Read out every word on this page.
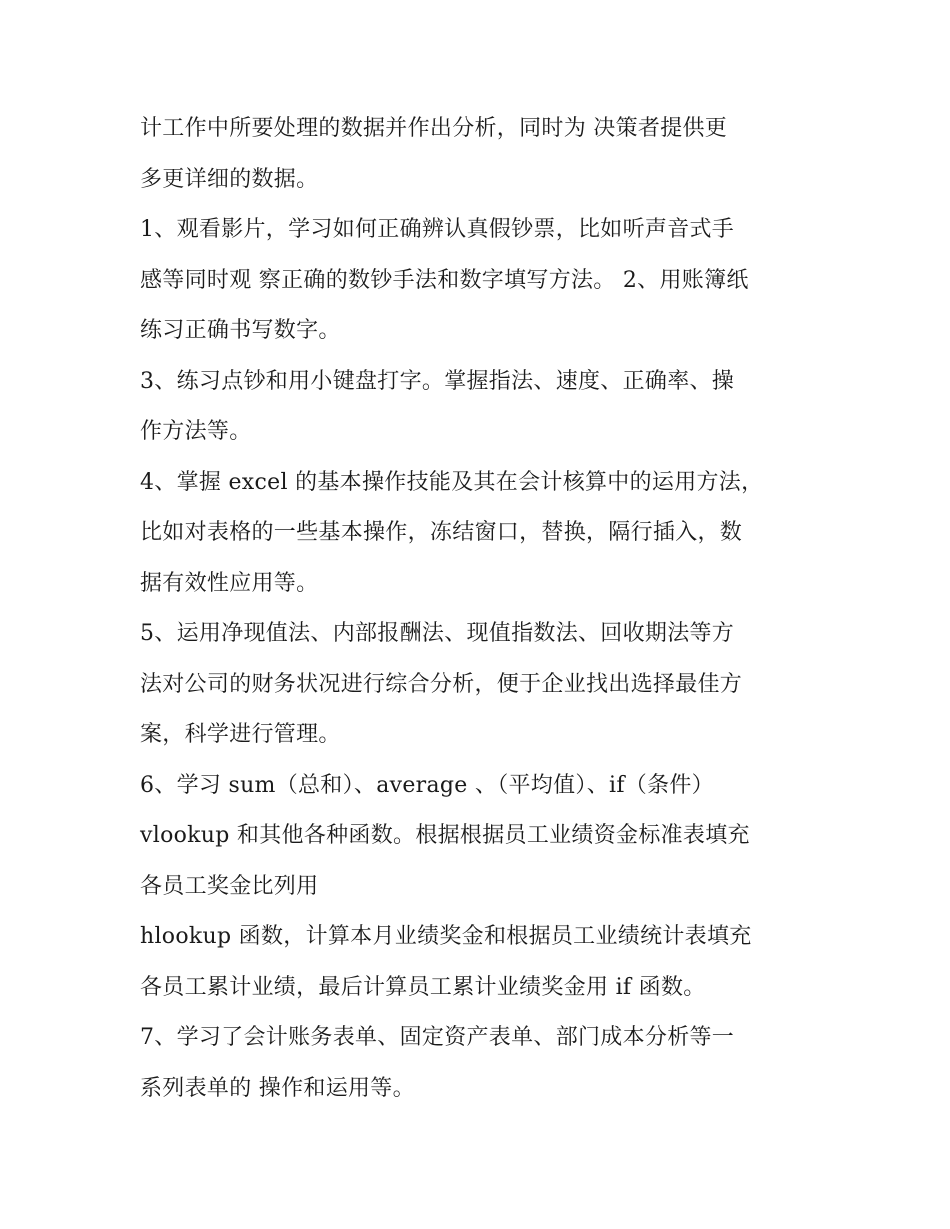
计工作中所要处理的数据并作出分析，同时为 决策者提供更
多更详细的数据。
1、观看影片，学习如何正确辨认真假钞票，比如听声音式手
感等同时观 察正确的数钞手法和数字填写方法。 2、用账簿纸
练习正确书写数字。
3、练习点钞和用小键盘打字。掌握指法、速度、正确率、操
作方法等。
4、掌握 excel 的基本操作技能及其在会计核算中的运用方法，
比如对表格的一些基本操作，冻结窗口，替换，隔行插入，数
据有效性应用等。
5、运用净现值法、内部报酬法、现值指数法、回收期法等方
法对公司的财务状况进行综合分析，便于企业找出选择最佳方
案，科学进行管理。
6、学习 sum（总和）、average 、（平均值）、if（条件）
vlookup 和其他各种函数。根据根据员工业绩资金标准表填充
各员工奖金比列用
hlookup 函数，计算本月业绩奖金和根据员工业绩统计表填充
各员工累计业绩，最后计算员工累计业绩奖金用 if 函数。
7、学习了会计账务表单、固定资产表单、部门成本分析等一
系列表单的 操作和运用等。
